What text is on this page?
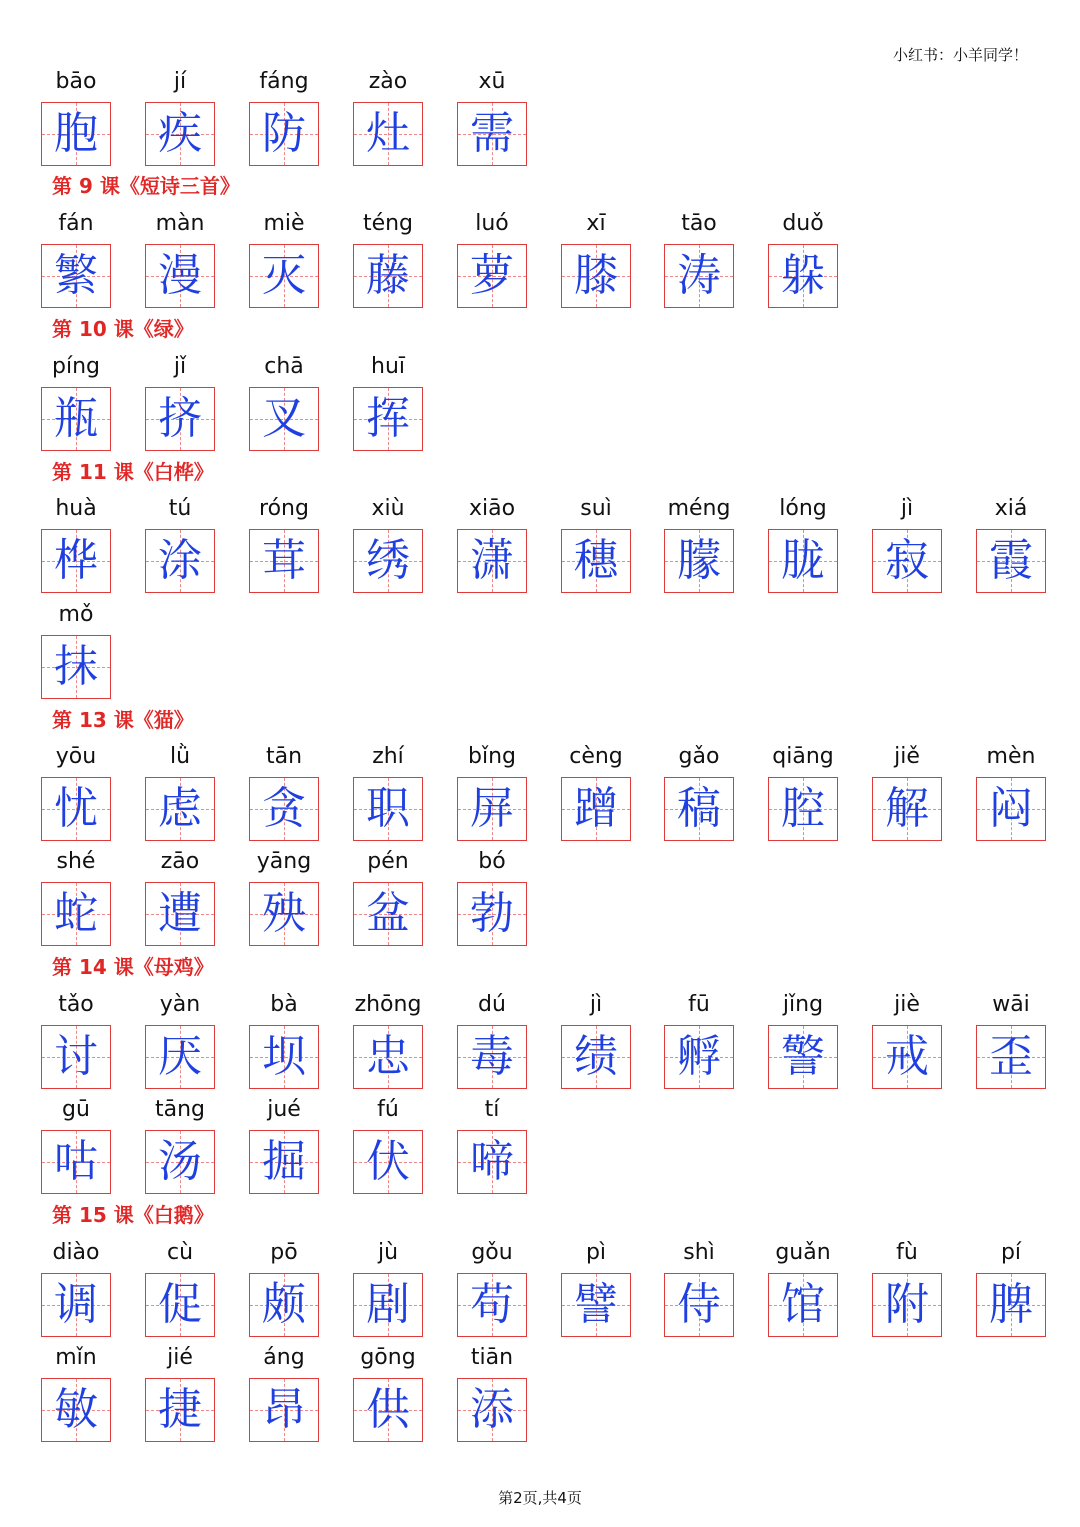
小红书：小羊同学！
bāo
胞
jí
疾
fáng
防
zào
灶
xū
需
第 9 课《短诗三首》
fán
繁
màn
漫
miè
灭
téng
藤
luó
萝
xī
膝
tāo
涛
duǒ
躲
第 10 课《绿》
píng
瓶
jǐ
挤
chā
叉
huī
挥
第 11 课《白桦》
huà
桦
tú
涂
róng
茸
xiù
绣
xiāo
潇
suì
穗
méng
朦
lóng
胧
jì
寂
xiá
霞
mǒ
抹
第 13 课《猫》
yōu
忧
lǜ
虑
tān
贪
zhí
职
bǐng
屏
cèng
蹭
gǎo
稿
qiāng
腔
jiě
解
mèn
闷
shé
蛇
zāo
遭
yāng
殃
pén
盆
bó
勃
第 14 课《母鸡》
tǎo
讨
yàn
厌
bà
坝
zhōng
忠
dú
毒
jì
绩
fū
孵
jǐng
警
jiè
戒
wāi
歪
gū
咕
tāng
汤
jué
掘
fú
伏
tí
啼
第 15 课《白鹅》
diào
调
cù
促
pō
颇
jù
剧
gǒu
苟
pì
譬
shì
侍
guǎn
馆
fù
附
pí
脾
mǐn
敏
jié
捷
áng
昂
gōng
供
tiān
添
第2页,共4页
